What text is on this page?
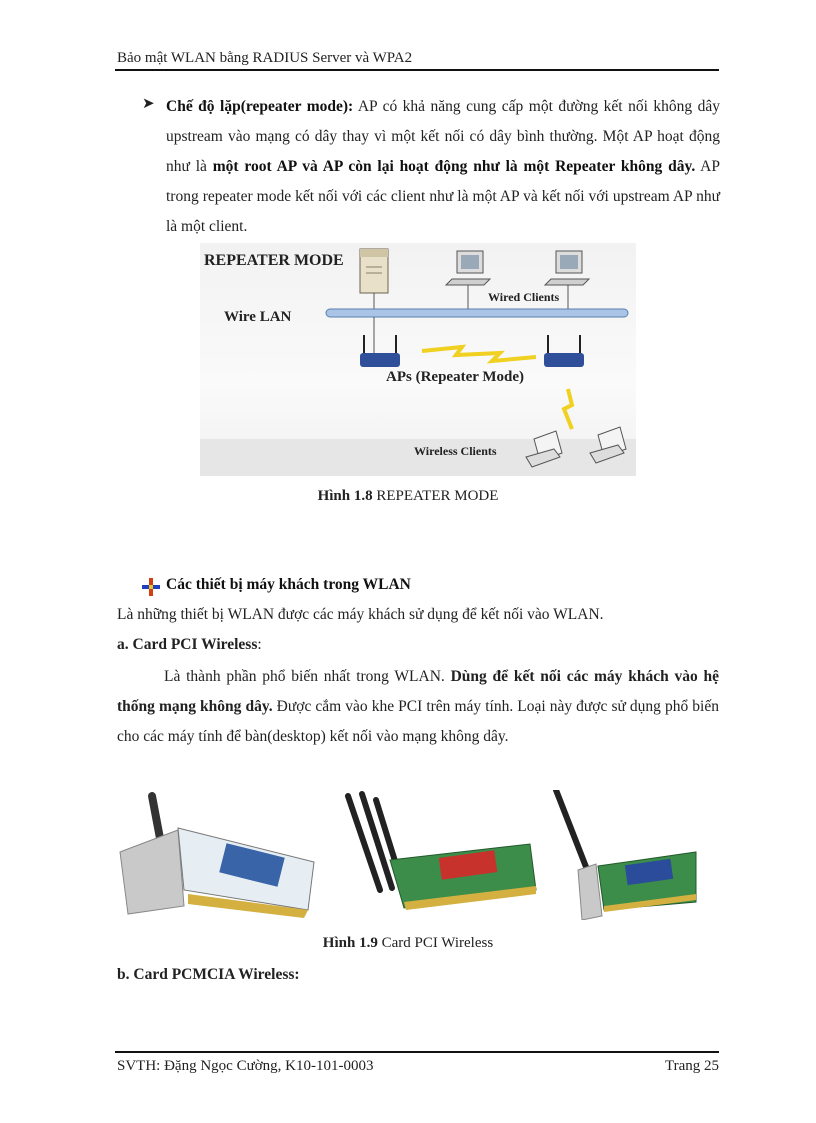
Bảo mật WLAN bằng RADIUS Server và WPA2
➤ Chế độ lặp(repeater mode): AP có khả năng cung cấp một đường kết nối không dây upstream vào mạng có dây thay vì một kết nối có dây bình thường. Một AP hoạt động như là một root AP và AP còn lại hoạt động như là một Repeater không dây. AP trong repeater mode kết nối với các client như là một AP và kết nối với upstream AP như là một client.

REPEATER MODE
Wired Clients
Wire LAN
APs (Repeater Mode)
Wireless Clients
Hình 1.8 REPEATER MODE
Các thiết bị máy khách trong WLAN
Là những thiết bị WLAN được các máy khách sử dụng để kết nối vào WLAN.
a. Card PCI Wireless:

Là thành phần phổ biến nhất trong WLAN. Dùng để kết nối các máy khách vào hệ thống mạng không dây. Được cắm vào khe PCI trên máy tính. Loại này được sử dụng phổ biến cho các máy tính để bàn(desktop) kết nối vào mạng không dây.

Hình 1.9 Card PCI Wireless
b. Card PCMCIA Wireless:
SVTH: Đặng Ngọc Cường, K10-101-0003	Trang 25
